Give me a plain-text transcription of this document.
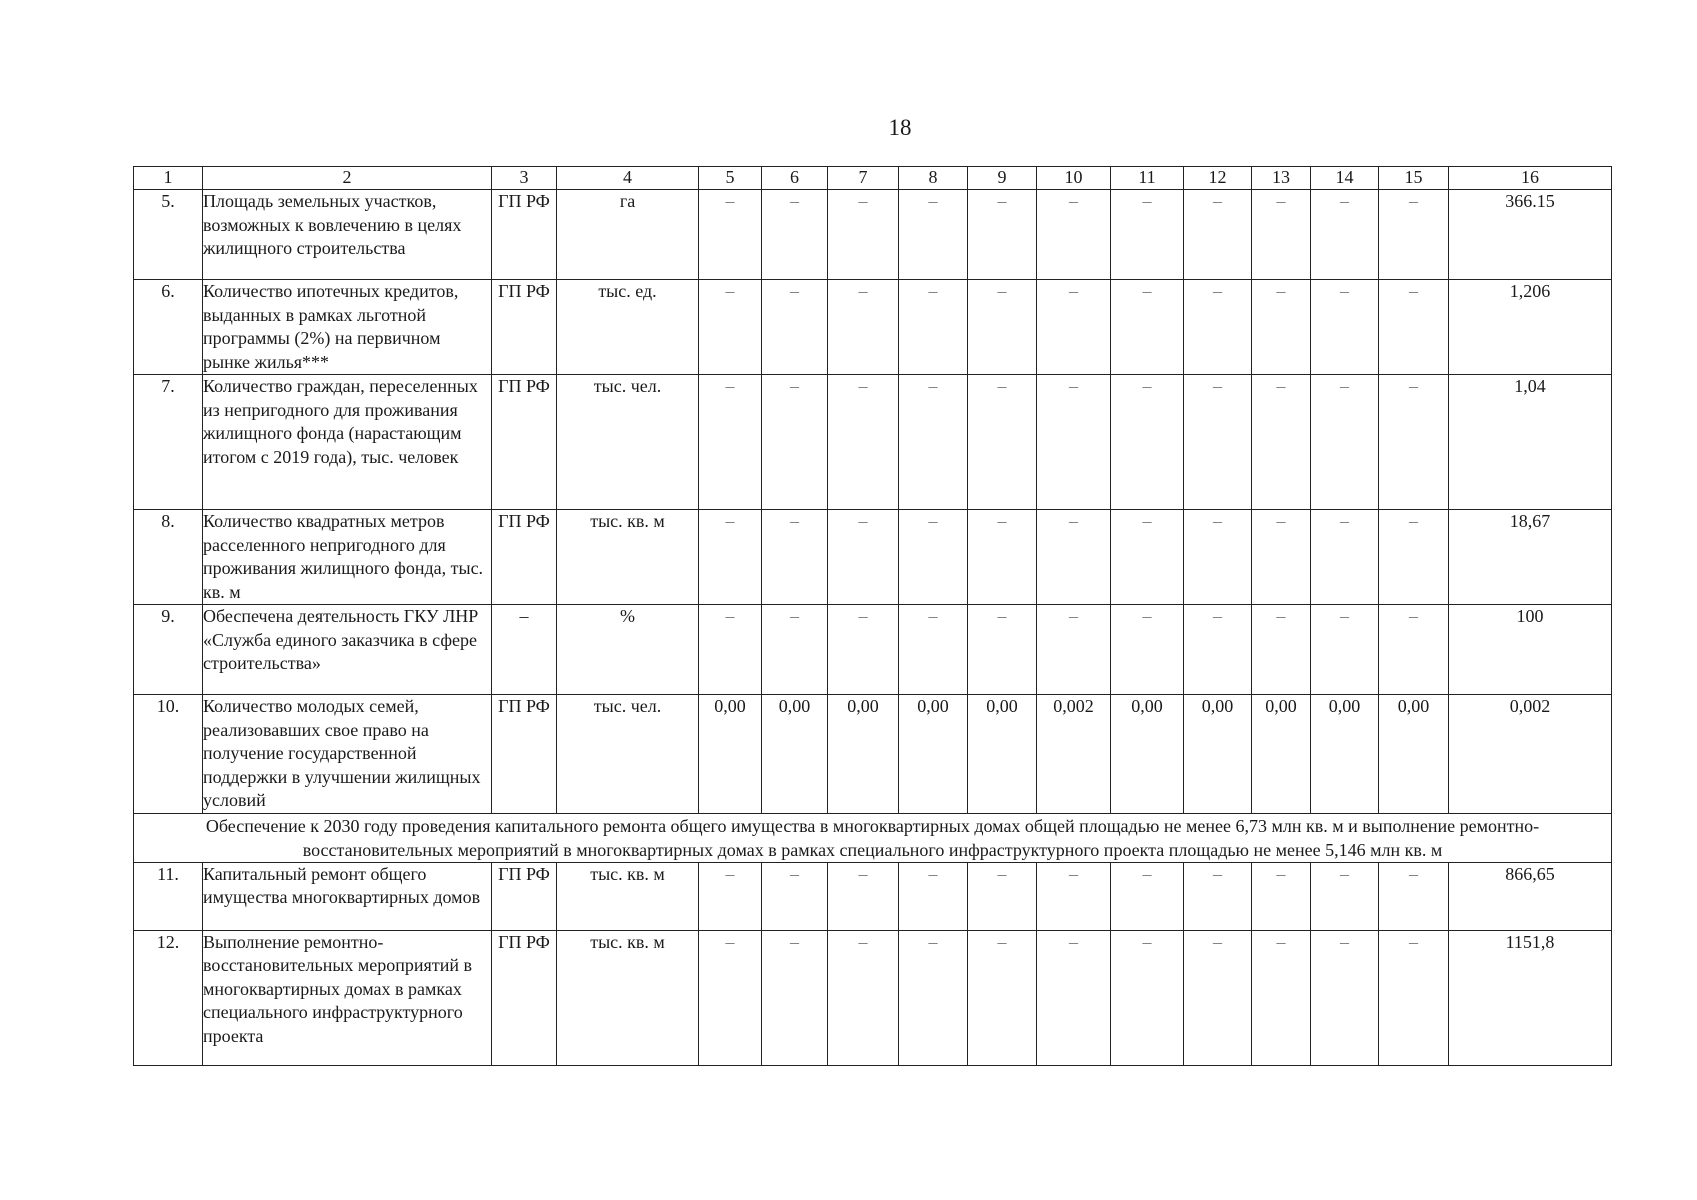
18
1	2	3	4	5	6	7	8	9	10	11	12	13	14	15	16
5.	Площадь земельных участков, возможных к вовлечению в целях жилищного строительства	ГП РФ	га	–	–	–	–	–	–	–	–	–	–	–	366.15
6.	Количество ипотечных кредитов, выданных в рамках льготной программы (2%) на первичном рынке жилья***	ГП РФ	тыс. ед.	–	–	–	–	–	–	–	–	–	–	–	1,206
7.	Количество граждан, переселенных из непригодного для проживания жилищного фонда (нарастающим итогом с 2019 года), тыс. человек	ГП РФ	тыс. чел.	–	–	–	–	–	–	–	–	–	–	–	1,04
8.	Количество квадратных метров расселенного непригодного для проживания жилищного фонда, тыс. кв. м	ГП РФ	тыс. кв. м	–	–	–	–	–	–	–	–	–	–	–	18,67
9.	Обеспечена деятельность ГКУ ЛНР «Служба единого заказчика в сфере строительства»	–	%	–	–	–	–	–	–	–	–	–	–	–	100
10.	Количество молодых семей, реализовавших свое право на получение государственной поддержки в улучшении жилищных условий	ГП РФ	тыс. чел.	0,00	0,00	0,00	0,00	0,00	0,002	0,00	0,00	0,00	0,00	0,00	0,002
Обеспечение к 2030 году проведения капитального ремонта общего имущества в многоквартирных домах общей площадью не менее 6,73 млн кв. м и выполнение ремонтно-восстановительных мероприятий в многоквартирных домах в рамках специального инфраструктурного проекта площадью не менее 5,146 млн кв. м															
11.	Капитальный ремонт общего имущества многоквартирных домов	ГП РФ	тыс. кв. м	–	–	–	–	–	–	–	–	–	–	–	866,65
12.	Выполнение ремонтно-восстановительных мероприятий в многоквартирных домах в рамках специального инфраструктурного проекта	ГП РФ	тыс. кв. м	–	–	–	–	–	–	–	–	–	–	–	1151,8
